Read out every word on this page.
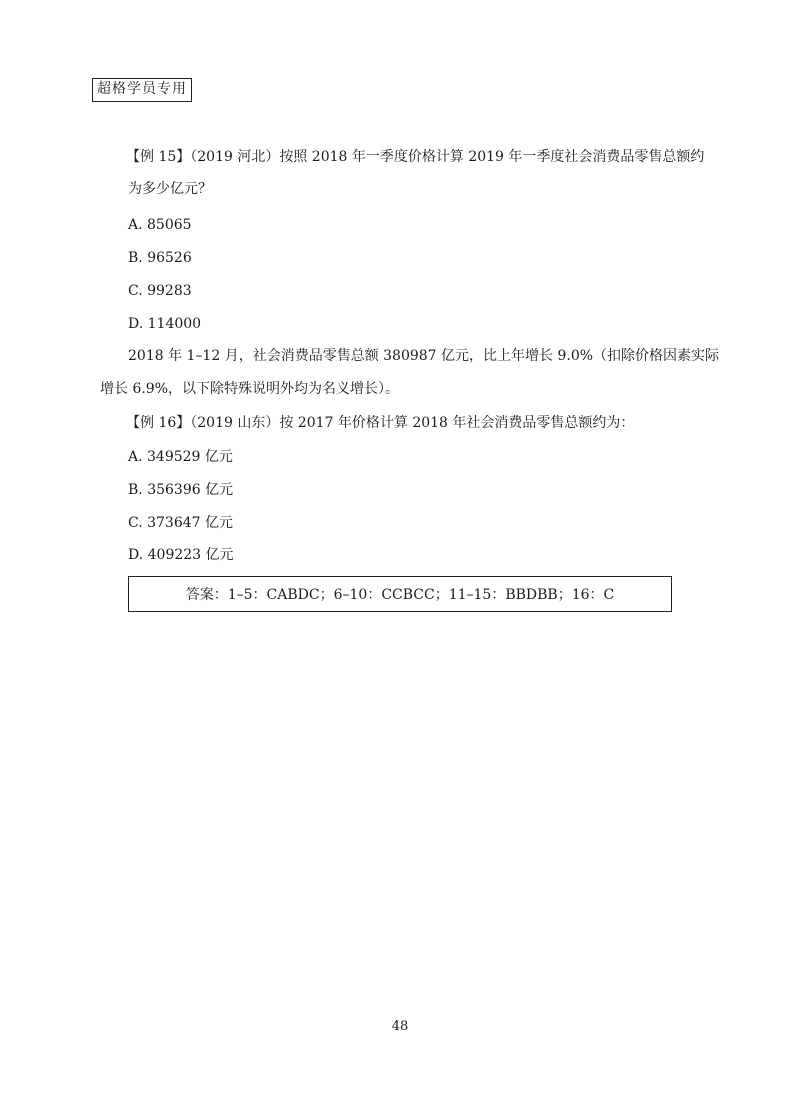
超格学员专用
【例 15】（2019 河北）按照 2018 年一季度价格计算 2019 年一季度社会消费品零售总额约
为多少亿元？
A. 85065
B. 96526
C. 99283
D. 114000
2018 年 1–12 月，社会消费品零售总额 380987 亿元，比上年增长 9.0%（扣除价格因素实际
增长 6.9%，以下除特殊说明外均为名义增长）。
【例 16】（2019 山东）按 2017 年价格计算 2018 年社会消费品零售总额约为：
A. 349529 亿元
B. 356396 亿元
C. 373647 亿元
D. 409223 亿元
答案：1–5：CABDC；6–10：CCBCC；11–15：BBDBB；16：C
48
